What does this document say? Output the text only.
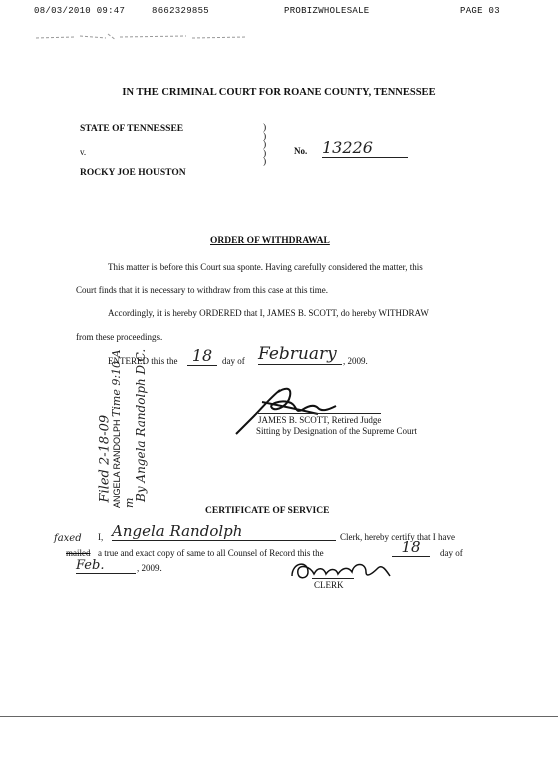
08/03/2010 09:47	8662329855	PROBIZWHOLESALE	PAGE 03
IN THE CRIMINAL COURT FOR ROANE COUNTY, TENNESSEE
STATE OF TENNESSEE
v.
ROCKY JOE HOUSTON
)
)
)
)
)
No. 13226
ORDER OF WITHDRAWAL
This matter is before this Court sua sponte. Having carefully considered the matter, this
Court finds that it is necessary to withdraw from this case at this time.
Accordingly, it is hereby ORDERED that I, JAMES B. SCOTT, do hereby WITHDRAW
from these proceedings.
ENTERED this the 18	day of February , 2009.
JAMES B. SCOTT, Retired Judge
Sitting by Designation of the Supreme Court
Filed 2-18-09 ANGELA RANDOLPH Time 9:10 A m
By Angela Randolph D.C.
CERTIFICATE OF SERVICE
faxed I, Angela Randolph	Clerk, hereby certify that I have
mailed a true and exact copy of same to all Counsel of Record this the	18	day of
Feb.	, 2009.
CLERK
